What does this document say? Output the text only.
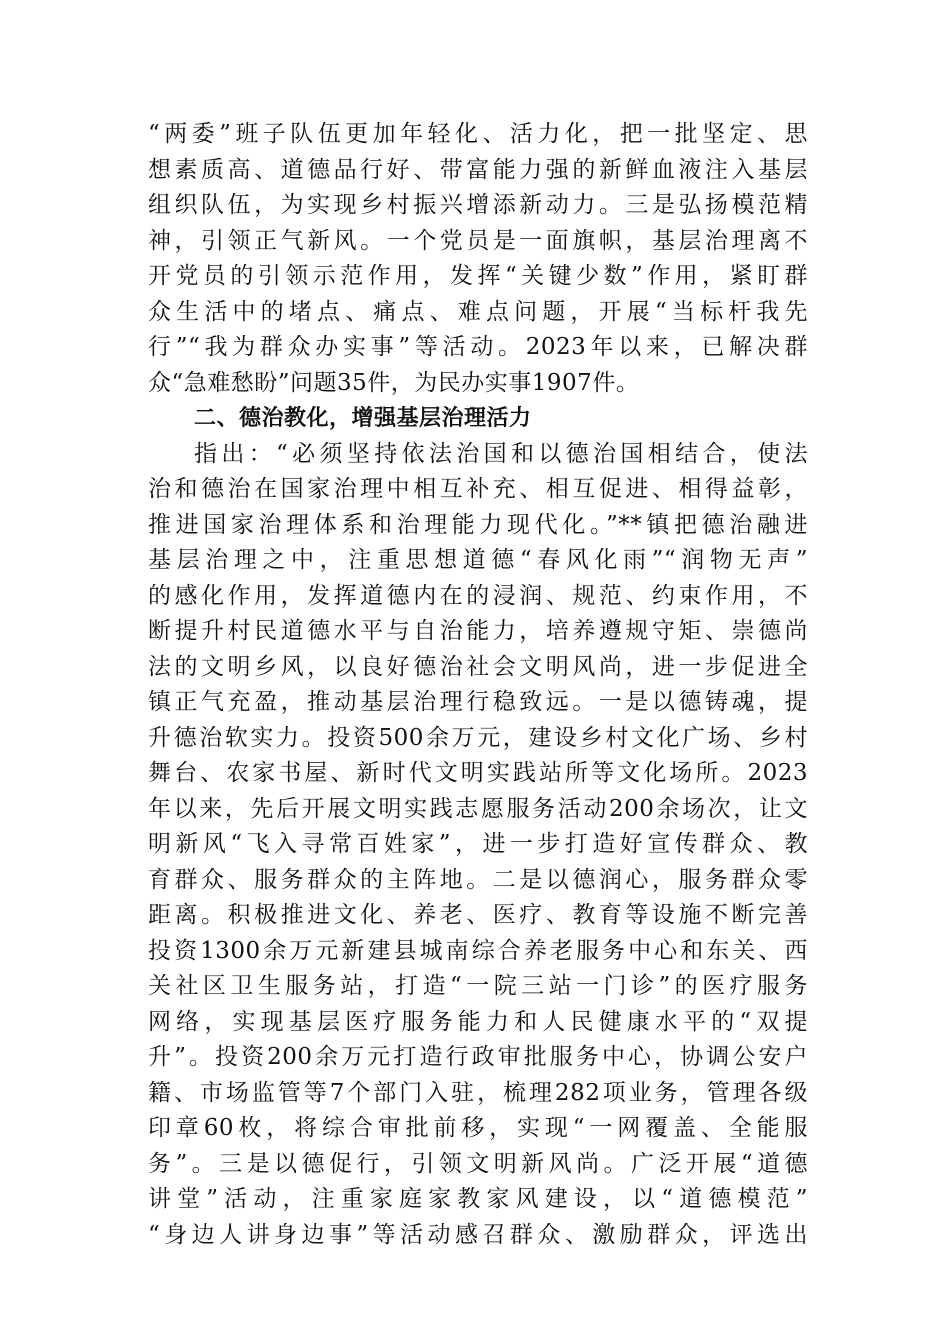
“两委”班子队伍更加年轻化、活力化，把一批坚定、思
想素质高、道德品行好、带富能力强的新鲜血液注入基层
组织队伍，为实现乡村振兴增添新动力。三是弘扬模范精
神，引领正气新风。一个党员是一面旗帜，基层治理离不
开党员的引领示范作用，发挥“关键少数”作用，紧盯群
众生活中的堵点、痛点、难点问题，开展“当标杆我先
行”“我为群众办实事”等活动。2023年以来，已解决群
众“急难愁盼”问题35件，为民办实事1907件。
二、德治教化，增强基层治理活力
指出：“必须坚持依法治国和以德治国相结合，使法
治和德治在国家治理中相互补充、相互促进、相得益彰，
推进国家治理体系和治理能力现代化。”**镇把德治融进
基层治理之中，注重思想道德“春风化雨”“润物无声”
的感化作用，发挥道德内在的浸润、规范、约束作用，不
断提升村民道德水平与自治能力，培养遵规守矩、崇德尚
法的文明乡风，以良好德治社会文明风尚，进一步促进全
镇正气充盈，推动基层治理行稳致远。一是以德铸魂，提
升德治软实力。投资500余万元，建设乡村文化广场、乡村
舞台、农家书屋、新时代文明实践站所等文化场所。2023
年以来，先后开展文明实践志愿服务活动200余场次，让文
明新风“飞入寻常百姓家”，进一步打造好宣传群众、教
育群众、服务群众的主阵地。二是以德润心，服务群众零
距离。积极推进文化、养老、医疗、教育等设施不断完善
投资1300余万元新建县城南综合养老服务中心和东关、西
关社区卫生服务站，打造“一院三站一门诊”的医疗服务
网络，实现基层医疗服务能力和人民健康水平的“双提
升”。投资200余万元打造行政审批服务中心，协调公安户
籍、市场监管等7个部门入驻，梳理282项业务，管理各级
印章60枚，将综合审批前移，实现“一网覆盖、全能服
务”。三是以德促行，引领文明新风尚。广泛开展“道德
讲堂”活动，注重家庭家教家风建设，以“道德模范”
“身边人讲身边事”等活动感召群众、激励群众，评选出
